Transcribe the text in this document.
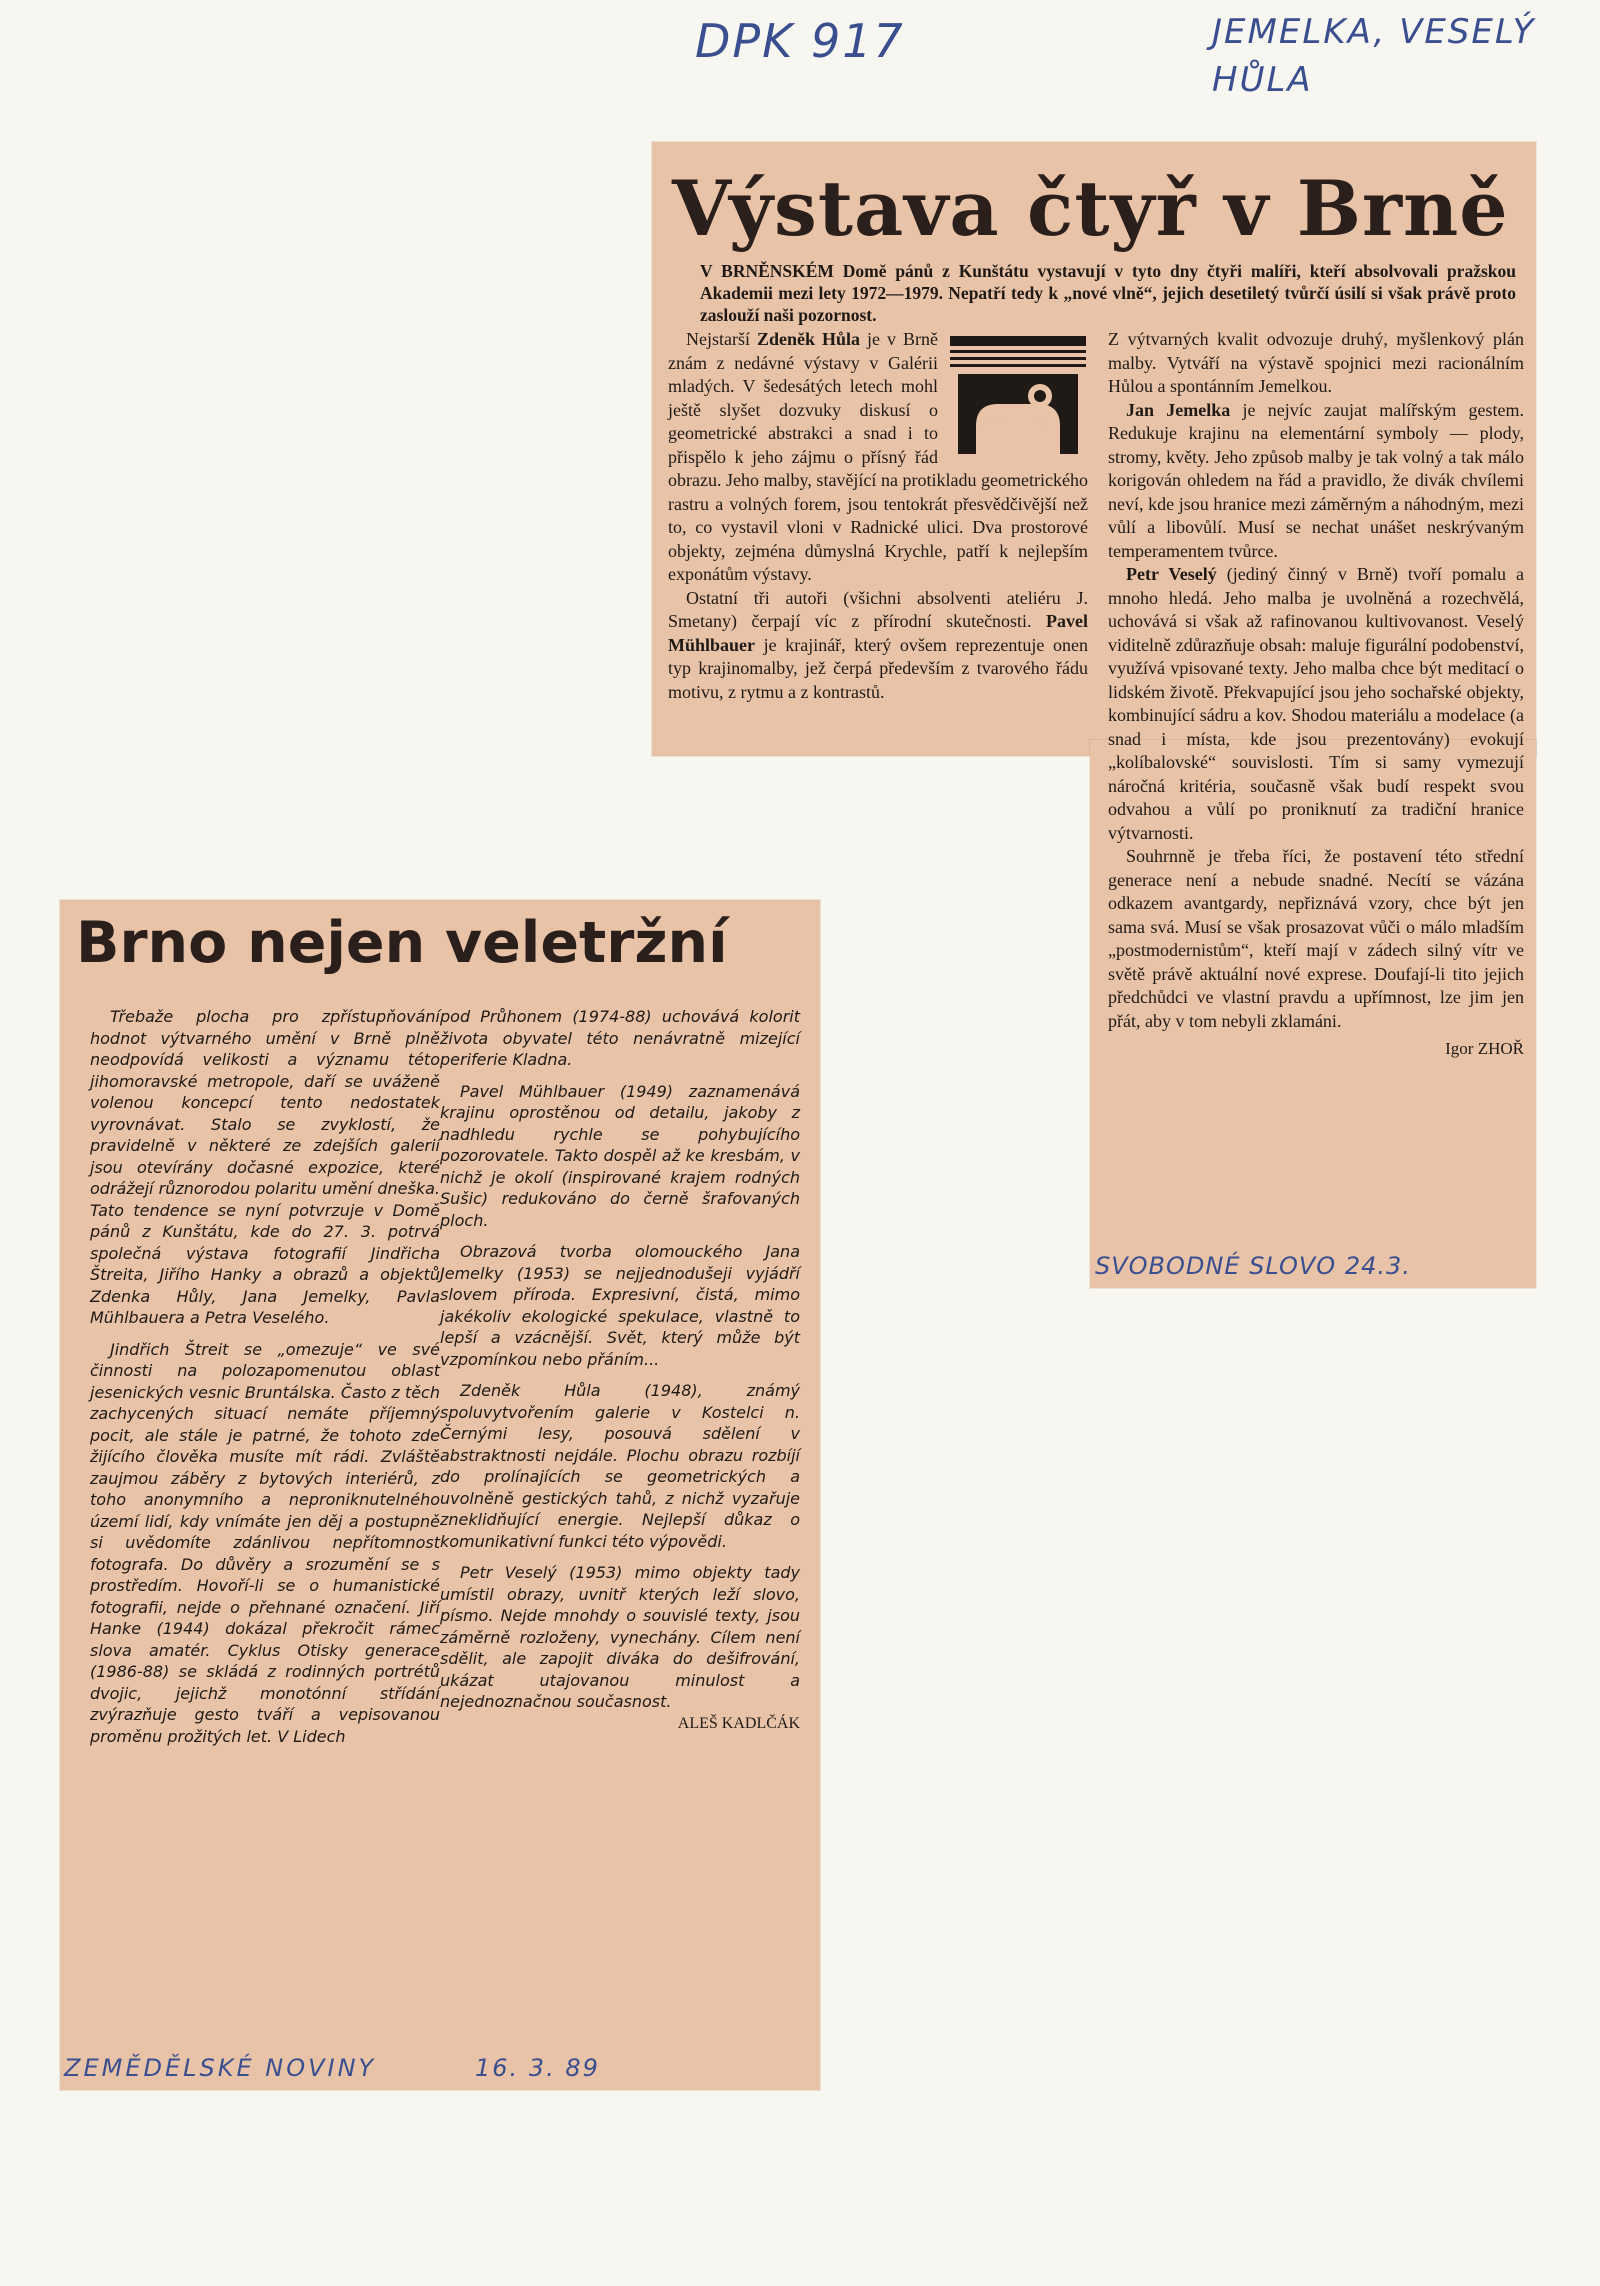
DPK 917	JEMELKA, VESELÝ
HŮLA
Výstava čtyř v Brně

V BRNĚNSKÉM Domě pánů z Kunštátu vystavují v tyto dny čtyři malíři, kteří absolvovali pražskou Akademii mezi lety 1972—1979. Nepatří tedy k „nové vlně“, jejich desetiletý tvůrčí úsilí si však právě proto zaslouží naši pozornost.

Nejstarší Zdeněk Hůla
je v Brně znám z nedávné výstavy v Galérii mladých. V šedesátých letech mohl ještě slyšet dozvuky diskusí o geometrické abstrakci a snad i to přispělo k jeho zájmu o přísný řád obrazu. Jeho malby, stavějící na protikladu geometrického rastru a volných forem, jsou tentokrát přesvědčivější než to, co vystavil vloni v Radnické ulici. Dva prostorové objekty, zejména důmyslná Krychle, patří k nejlepším exponátům výstavy.

Ostatní tři autoři (všichni absolventi ateliéru J. Smetany) čerpají víc z přírodní skutečnosti. Pavel Mühlbauer je krajinář, který ovšem reprezentuje onen typ krajinomalby, jež čerpá především z tvarového řádu motivu, z rytmu a z kontrastů.

Z výtvarných kvalit odvozuje druhý, myšlenkový plán malby. Vytváří na výstavě spojnici mezi racionálním Hůlou a spontánním Jemelkou.

Jan Jemelka je nejvíc zaujat malířským gestem. Redukuje krajinu na elementární symboly — plody, stromy, květy. Jeho způsob malby je tak volný a tak málo korigován ohledem na řád a pravidlo, že divák chvílemi neví, kde jsou hranice mezi záměrným a náhodným, mezi vůlí a libovůlí. Musí se nechat unášet neskrývaným temperamentem tvůrce.

Petr Veselý (jediný činný v Brně) tvoří pomalu a mnoho hledá. Jeho malba je uvolněná a rozechvělá, uchovává si však až rafinovanou kultivovanost. Veselý viditelně zdůrazňuje obsah: maluje figurální podobenství, využívá vpisované texty. Jeho malba chce být meditací o lidském životě. Překvapující jsou jeho sochařské objekty, kombinující sádru a kov. Shodou materiálu a modelace (a snad i místa, kde jsou prezentovány) evokují „kolíbalovské“ souvislosti. Tím si samy vymezují náročná kritéria, současně však budí respekt svou odvahou a vůlí po proniknutí za tradiční hranice výtvarnosti.

Souhrnně je třeba říci, že postavení této střední generace není a nebude snadné. Necítí se vázána odkazem avantgardy, nepřiznává vzory, chce být jen sama svá. Musí se však prosazovat vůči o málo mladším „postmodernistům“, kteří mají v zádech silný vítr ve světě právě aktuální nové exprese. Doufají-li tito jejich předchůdci ve vlastní pravdu a upřímnost, lze jim jen přát, aby v tom nebyli zklamáni.

Igor ZHOŘ

Brno nejen veletržní

Třebaže plocha pro zpřístupňování hodnot výtvarného umění v Brně plně neodpovídá velikosti a významu této jihomoravské metropole, daří se uváženě volenou koncepcí tento nedostatek vyrovnávat. Stalo se zvyklostí, že pravidelně v některé ze zdejších galerií jsou otevírány dočasné expozice, které odrážejí různorodou polaritu umění dneška. Tato tendence se nyní potvrzuje v Domě pánů z Kunštátu, kde do 27. 3. potrvá společná výstava fotografií Jindřicha Štreita, Jiřího Hanky a obrazů a objektů Zdenka Hůly, Jana Jemelky, Pavla Mühlbauera a Petra Veselého.

Jindřich Štreit se „omezuje“ ve své činnosti na polozapomenutou oblast jesenických vesnic Bruntálska. Často z těch zachycených situací nemáte příjemný pocit, ale stále je patrné, že tohoto zde žijícího člověka musíte mít rádi. Zvláště zaujmou záběry z bytových interiérů, z toho anonymního a neproniknutelného území lidí, kdy vnímáte jen děj a postupně si uvědomíte zdánlivou nepřítomnost fotografa. Do důvěry a srozumění se s prostředím. Hovoří-li se o humanistické fotografii, nejde o přehnané označení. Jiří Hanke (1944) dokázal překročit rámec slova amatér. Cyklus Otisky generace (1986-88) se skládá z rodinných portrétů dvojic, jejichž monotónní střídání zvýrazňuje gesto tváří a vepisovanou proměnu prožitých let. V Lidech

pod Průhonem (1974-88) uchovává kolorit života obyvatel této nenávratně mizející periferie Kladna.

Pavel Mühlbauer (1949) zaznamenává krajinu oprostěnou od detailu, jakoby z nadhledu rychle se pohybujícího pozorovatele. Takto dospěl až ke kresbám, v nichž je okolí (inspirované krajem rodných Sušic) redukováno do černě šrafovaných ploch.

Obrazová tvorba olomouckého Jana Jemelky (1953) se nejjednodušeji vyjádří slovem příroda. Expresivní, čistá, mimo jakékoliv ekologické spekulace, vlastně to lepší a vzácnější. Svět, který může být vzpomínkou nebo přáním...

Zdeněk Hůla (1948), známý spoluvytvořením galerie v Kostelci n. Černými lesy, posouvá sdělení v abstraktnosti nejdále. Plochu obrazu rozbíjí do prolínajících se geometrických a uvolněně gestických tahů, z nichž vyzařuje zneklidňující energie. Nejlepší důkaz o komunikativní funkci této výpovědi.

Petr Veselý (1953) mimo objekty tady umístil obrazy, uvnitř kterých leží slovo, písmo. Nejde mnohdy o souvislé texty, jsou záměrně rozloženy, vynechány. Cílem není sdělit, ale zapojit diváka do dešifrování, ukázat utajovanou minulost a nejednoznačnou současnost.

ALEŠ KADLČÁK

SVOBODNÉ SLOVO 24.3.
ZEMĚDĚLSKÉ NOVINY	16. 3. 89
